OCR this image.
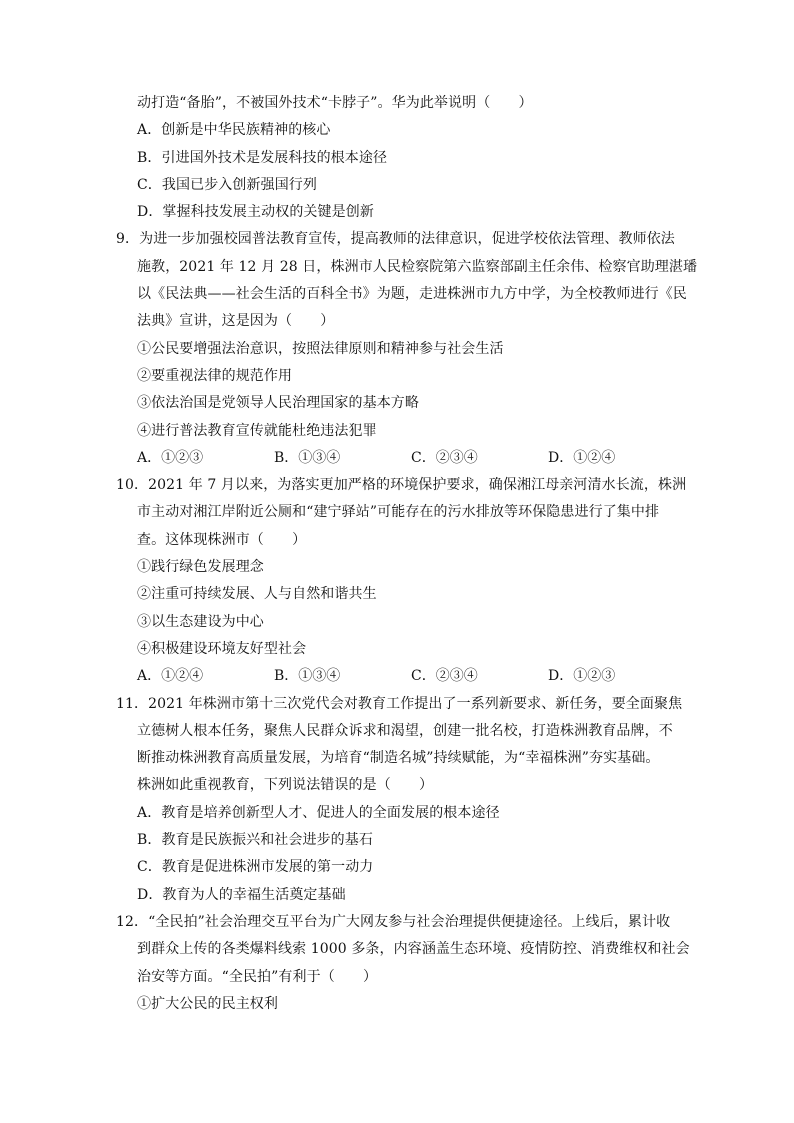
动打造“备胎”，不被国外技术“卡脖子”。华为此举说明（　　）
A．创新是中华民族精神的核心
B．引进国外技术是发展科技的根本途径
C．我国已步入创新强国行列
D．掌握科技发展主动权的关键是创新
9．为进一步加强校园普法教育宣传，提高教师的法律意识，促进学校依法管理、教师依法
施教，2021 年 12 月 28 日，株洲市人民检察院第六监察部副主任余伟、检察官助理湛璠
以《民法典——社会生活的百科全书》为题，走进株洲市九方中学，为全校教师进行《民
法典》宣讲，这是因为（　　）
①公民要增强法治意识，按照法律原则和精神参与社会生活
②要重视法律的规范作用
③依法治国是党领导人民治理国家的基本方略
④进行普法教育宣传就能杜绝违法犯罪
A．①②③	B．①③④	C．②③④	D．①②④
10．2021 年 7 月以来，为落实更加严格的环境保护要求，确保湘江母亲河清水长流，株洲
市主动对湘江岸附近公厕和“建宁驿站”可能存在的污水排放等环保隐患进行了集中排
查。这体现株洲市（　　）
①践行绿色发展理念
②注重可持续发展、人与自然和谐共生
③以生态建设为中心
④积极建设环境友好型社会
A．①②④	B．①③④	C．②③④	D．①②③
11．2021 年株洲市第十三次党代会对教育工作提出了一系列新要求、新任务，要全面聚焦
立德树人根本任务，聚焦人民群众诉求和渴望，创建一批名校，打造株洲教育品牌，不
断推动株洲教育高质量发展，为培育“制造名城”持续赋能，为“幸福株洲”夯实基础。
株洲如此重视教育，下列说法错误的是（　　）
A．教育是培养创新型人才、促进人的全面发展的根本途径
B．教育是民族振兴和社会进步的基石
C．教育是促进株洲市发展的第一动力
D．教育为人的幸福生活奠定基础
12．“全民拍”社会治理交互平台为广大网友参与社会治理提供便捷途径。上线后，累计收
到群众上传的各类爆料线索 1000 多条，内容涵盖生态环境、疫情防控、消费维权和社会
治安等方面。“全民拍”有利于（　　）
①扩大公民的民主权利
